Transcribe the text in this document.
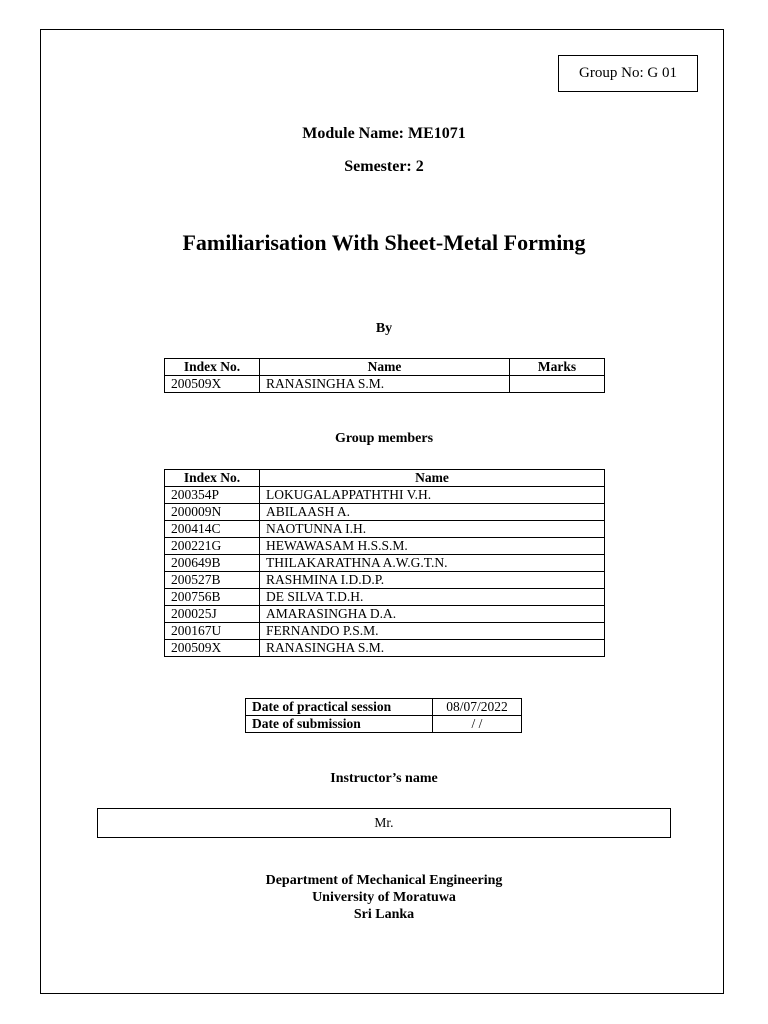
Group No: G 01
Module Name: ME1071
Semester: 2
Familiarisation With Sheet-Metal Forming
By
Index No.	Name	Marks
200509X	RANASINGHA S.M.	
Group members
Index No.	Name
200354P	LOKUGALAPPATHTHI V.H.
200009N	ABILAASH A.
200414C	NAOTUNNA I.H.
200221G	HEWAWASAM H.S.S.M.
200649B	THILAKARATHNA A.W.G.T.N.
200527B	RASHMINA I.D.D.P.
200756B	DE SILVA T.D.H.
200025J	AMARASINGHA D.A.
200167U	FERNANDO P.S.M.
200509X	RANASINGHA S.M.
Date of practical session	08/07/2022
Date of submission	/ /
Instructor’s name
Mr.
Department of Mechanical Engineering
University of Moratuwa
Sri Lanka
